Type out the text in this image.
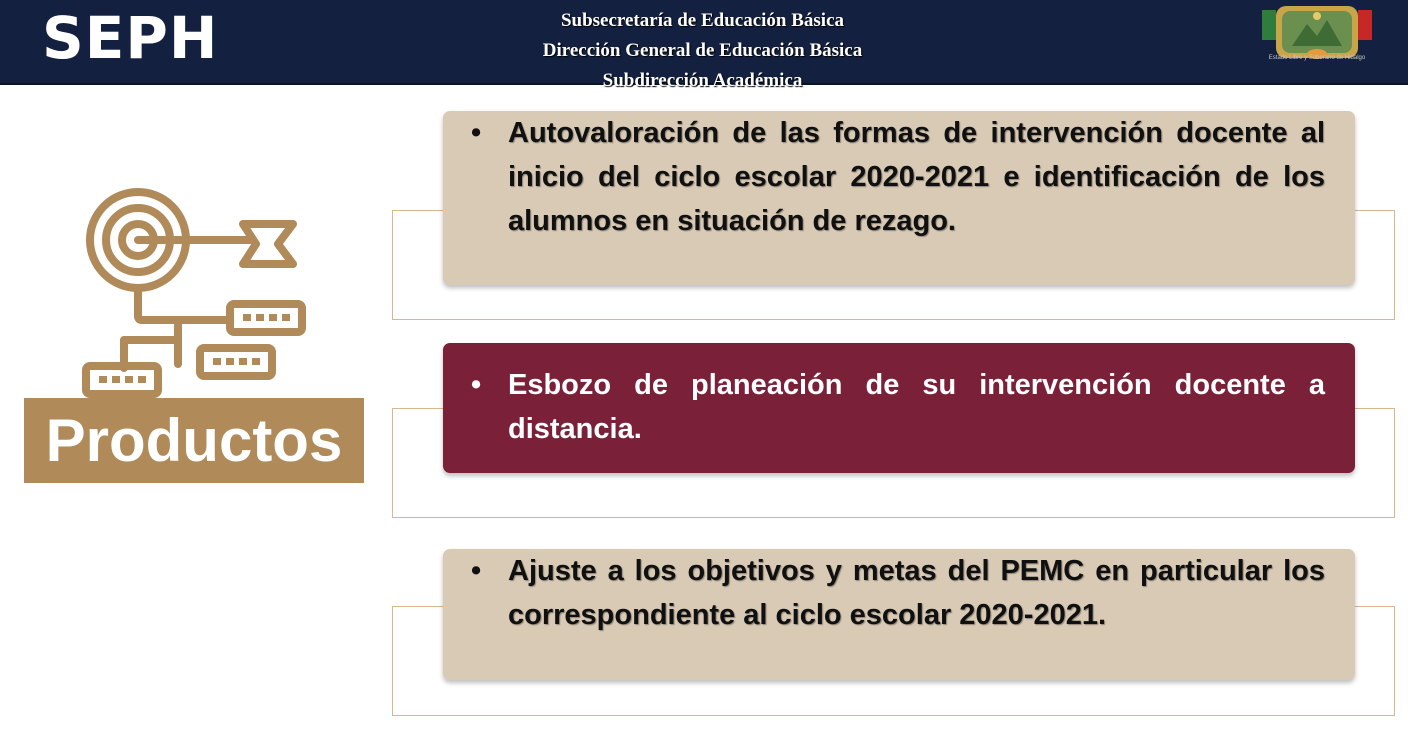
SEPH	Subsecretaría de Educación Básica
Dirección General de Educación Básica
Subdirección Académica
Estado Libre y Soberano de Hidalgo
Productos
• Autovaloración de las formas de intervención docente al inicio del ciclo escolar 2020-2021 e identificación de los alumnos en situación de rezago.
• Esbozo de planeación de su intervención docente a distancia.
• Ajuste a los objetivos y metas del PEMC en particular los correspondiente al ciclo escolar 2020-2021.
